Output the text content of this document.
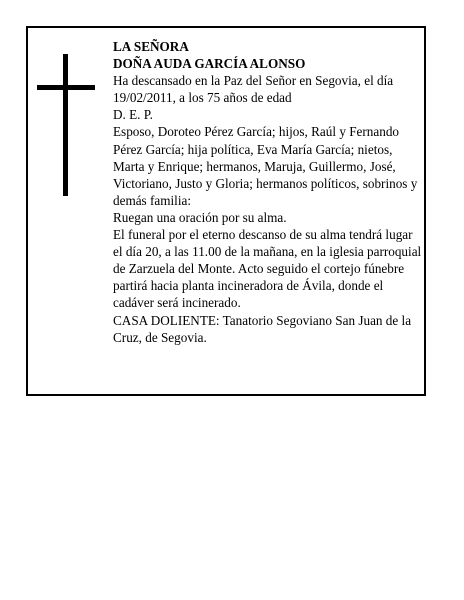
LA SEÑORA

DOÑA AUDA GARCÍA ALONSO

Ha descansado en la Paz del Señor en Segovia, el día 19/02/2011, a los 75 años de edad

D. E. P.

Esposo, Doroteo Pérez García; hijos, Raúl y Fernando Pérez García; hija política, Eva María García; nietos, Marta y Enrique; hermanos, Maruja, Guillermo, José, Victoriano, Justo y Gloria; hermanos políticos, sobrinos y demás familia:

Ruegan una oración por su alma.

El funeral por el eterno descanso de su alma tendrá lugar el día 20, a las 11.00 de la mañana, en la iglesia parroquial de Zarzuela del Monte. Acto seguido el cortejo fúnebre partirá hacia planta incineradora de Ávila, donde el cadáver será incinerado.

CASA DOLIENTE: Tanatorio Segoviano San Juan de la Cruz, de Segovia.
